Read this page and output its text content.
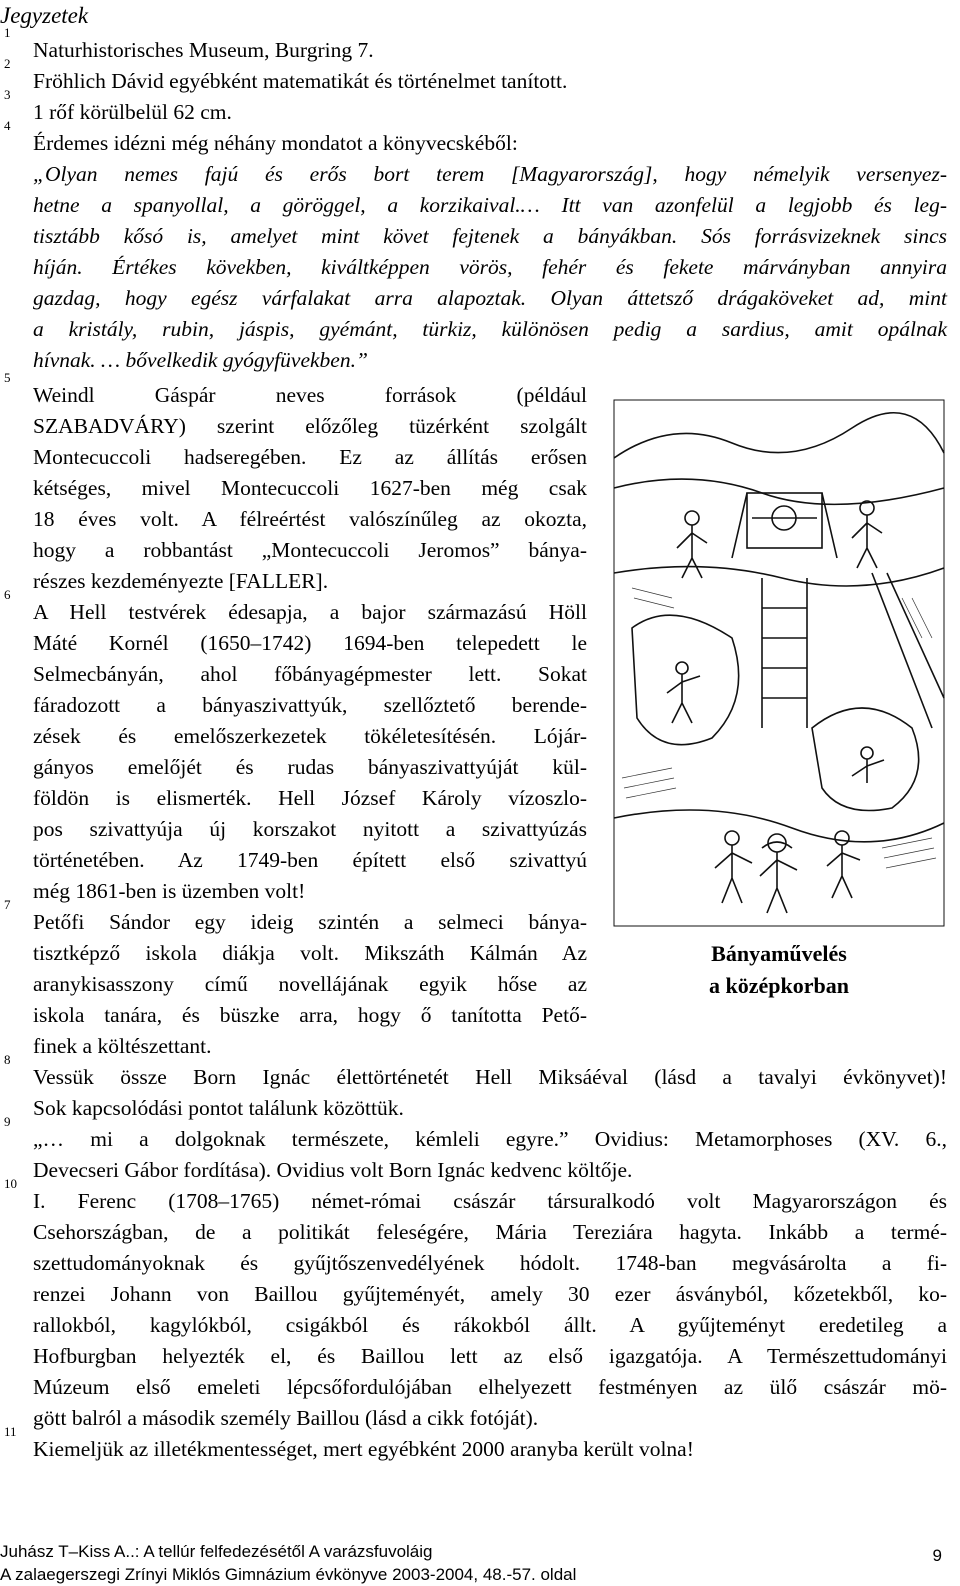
Jegyzetek
1
Naturhistorisches Museum, Burgring 7.
2
Fröhlich Dávid egyébként matematikát és történelmet tanított.
3
1 rőf körülbelül 62 cm.
4
Érdemes idézni még néhány mondatot a könyvecskéből:
„Olyan nemes fajú és erős bort terem [Magyarország], hogy némelyik versenyez-
hetne a spanyollal, a göröggel, a korzikaival.… Itt van azonfelül a legjobb és leg-
tisztább kősó is, amelyet mint követ fejtenek a bányákban. Sós forrásvizeknek sincs
híján. Értékes kövekben, kiváltképpen vörös, fehér és fekete márványban annyira
gazdag, hogy egész várfalakat arra alapoztak. Olyan áttetsző drágaköveket ad, mint
a kristály, rubin, jáspis, gyémánt, türkiz, különösen pedig a sardius, amit opálnak
hívnak. … bővelkedik gyógyfüvekben.”
5
Weindl Gáspár neves források (például
SZABADVÁRY) szerint előzőleg tüzérként szolgált
Montecuccoli hadseregében. Ez az állítás erősen
kétséges, mivel Montecuccoli 1627-ben még csak
18 éves volt. A félreértést valószínűleg az okozta,
hogy a robbantást „Montecuccoli Jeromos” bánya-
részes kezdeményezte [FALLER].
6
A Hell testvérek édesapja, a bajor származású Höll
Máté Kornél (1650–1742) 1694-ben telepedett le
Selmecbányán, ahol főbányagépmester lett. Sokat
fáradozott a bányaszivattyúk, szellőztető berende-
zések és emelőszerkezetek tökéletesítésén. Lójár-
gányos emelőjét és rudas bányaszivattyúját kül-
földön is elismerték. Hell József Károly vízoszlo-
pos szivattyúja új korszakot nyitott a szivattyúzás
történetében. Az 1749-ben épített első szivattyú
még 1861-ben is üzemben volt!
7
Petőfi Sándor egy ideig szintén a selmeci bánya-
tisztképző iskola diákja volt. Mikszáth Kálmán Az
aranykisasszony című novellájának egyik hőse az
iskola tanára, és büszke arra, hogy ő tanította Pető-
finek a költészettant.
8
Vessük össze Born Ignác élettörténetét Hell Miksáéval (lásd a tavalyi évkönyvet)!
Sok kapcsolódási pontot találunk közöttük.
9
„… mi a dolgoknak természete, kémleli egyre.” Ovidius: Metamorphoses (XV. 6.,
Devecseri Gábor fordítása). Ovidius volt Born Ignác kedvenc költője.
10
I. Ferenc (1708–1765) német-római császár társuralkodó volt Magyarországon és
Csehországban, de a politikát feleségére, Mária Tereziára hagyta. Inkább a termé-
szettudományoknak és gyűjtőszenvedélyének hódolt. 1748-ban megvásárolta a fi-
renzei Johann von Baillou gyűjteményét, amely 30 ezer ásványból, kőzetekből, ko-
rallokból, kagylókból, csigákból és rákokból állt. A gyűjteményt eredetileg a
Hofburgban helyezték el, és Baillou lett az első igazgatója. A Természettudományi
Múzeum első emeleti lépcsőfordulójában elhelyezett festményen az ülő császár mö-
gött balról a második személy Baillou (lásd a cikk fotóját).
11
Kiemeljük az illetékmentességet, mert egyébként 2000 aranyba került volna!
Bányaművelés
a középkorban
Juhász T–Kiss A..: A tellúr felfedezésétől A varázsfuvoláig
A zalaegerszegi Zrínyi Miklós Gimnázium évkönyve 2003-2004, 48.-57. oldal
9
